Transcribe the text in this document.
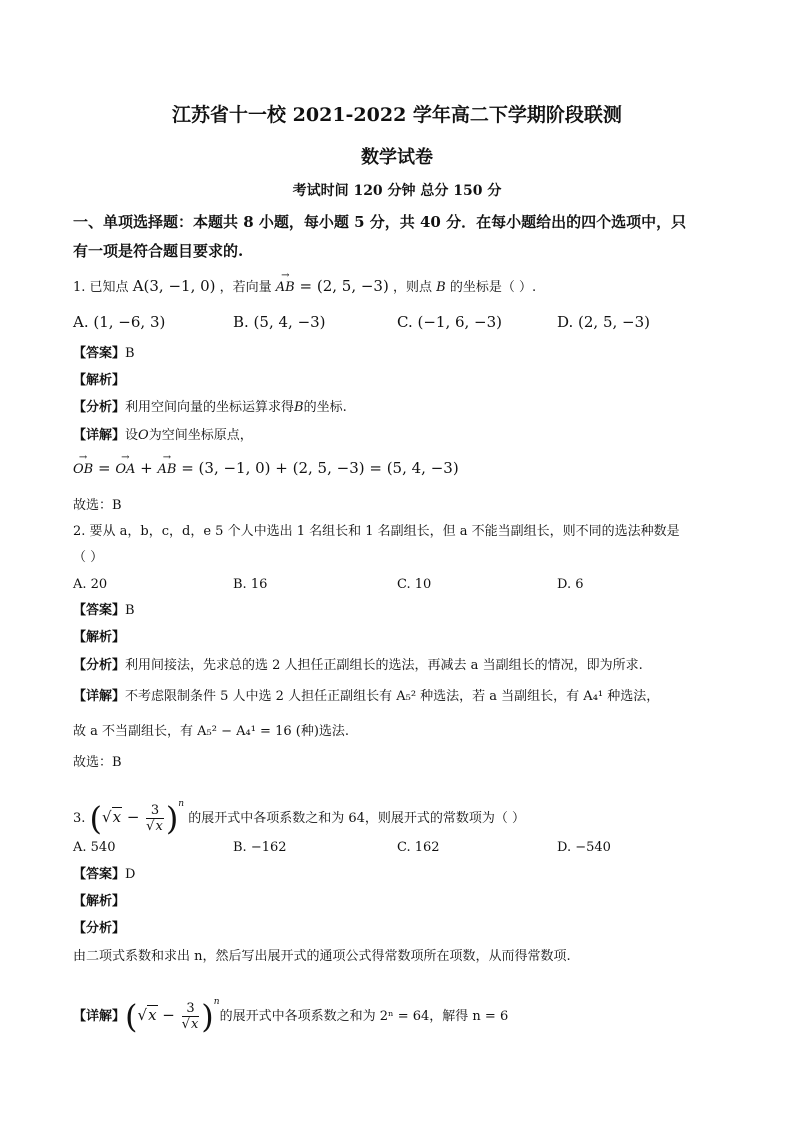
江苏省十一校 2021-2022 学年高二下学期阶段联测
数学试卷
考试时间 120 分钟 总分 150 分
一、单项选择题：本题共 8 小题，每小题 5 分，共 40 分．在每小题给出的四个选项中，只
有一项是符合题目要求的.
1. 已知点 A(3, −1, 0) ，若向量 → AB = (2, 5, −3) ，则点 B 的坐标是（ ）.
A. (1, −6, 3)	B. (5, 4, −3)	C. (−1, 6, −3)	D. (2, 5, −3)
【答案】B
【解析】
【分析】利用空间向量的坐标运算求得B的坐标.
【详解】设O为空间坐标原点，
→ OB = → OA + → AB = (3, −1, 0) + (2, 5, −3) = (5, 4, −3)
故选：B
2. 要从 a，b，c，d，e 5 个人中选出 1 名组长和 1 名副组长，但 a 不能当副组长，则不同的选法种数是
（ ）
A. 20	B. 16	C. 10	D. 6
【答案】B
【解析】
【分析】利用间接法，先求总的选 2 人担任正副组长的选法，再减去 a 当副组长的情况，即为所求.
【详解】不考虑限制条件 5 人中选 2 人担任正副组长有 A₅² 种选法，若 a 当副组长，有 A₄¹ 种选法，
故 a 不当副组长，有 A₅² − A₄¹ = 16 (种)选法.
故选：B
3. $(√x - \frac{3}{√x} )^n$ 的展开式中各项系数之和为 64，则展开式的常数项为（ ）
A. 540	B. −162	C. 162	D. −540
【答案】D
【解析】
【分析】
由二项式系数和求出 n，然后写出展开式的通项公式得常数项所在项数，从而得常数项.
【详解】$(√x - \frac{3}{√x} )^n$的展开式中各项系数之和为 2ⁿ = 64，解得 n = 6
